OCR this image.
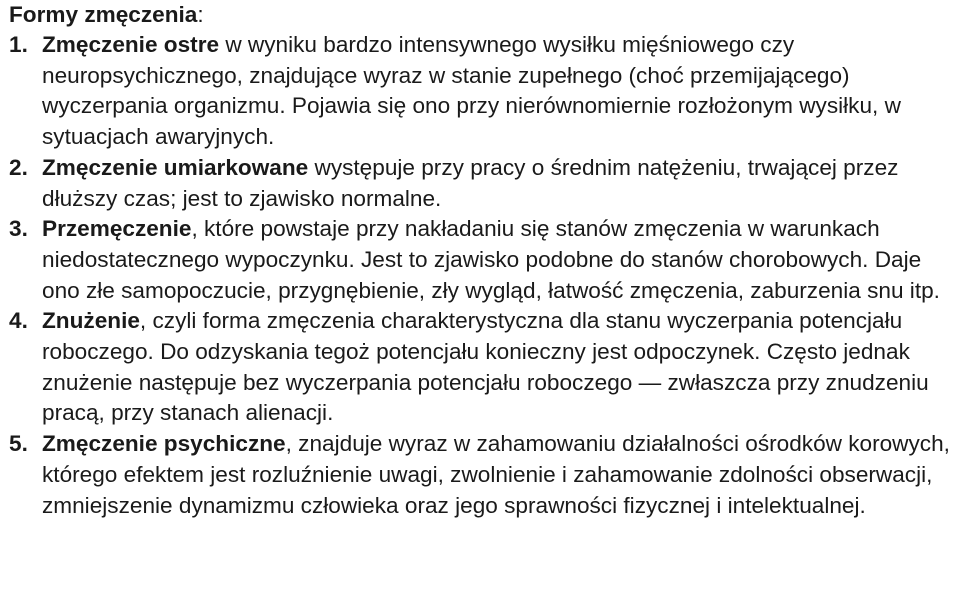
Formy zmęczenia:

1. Zmęczenie ostre w wyniku bardzo intensywnego wysiłku mięśniowego czy neuropsychicznego, znajdujące wyraz w stanie zupełnego (choć przemijającego) wyczerpania organizmu. Pojawia się ono przy nierównomiernie rozłożonym wysiłku, w sytuacjach awaryjnych.
2. Zmęczenie umiarkowane występuje przy pracy o średnim natężeniu, trwającej przez dłuższy czas; jest to zjawisko normalne.
3. Przemęczenie, które powstaje przy nakładaniu się stanów zmęczenia w warunkach niedostatecznego wypoczynku. Jest to zjawisko podobne do stanów chorobowych. Daje ono złe samopoczucie, przygnębienie, zły wygląd, łatwość zmęczenia, zaburzenia snu itp.
4. Znużenie, czyli forma zmęczenia charakterystyczna dla stanu wyczerpania potencjału roboczego. Do odzyskania tegoż potencjału konieczny jest odpoczynek. Często jednak znużenie następuje bez wyczerpania potencjału roboczego — zwłaszcza przy znudzeniu pracą, przy stanach alienacji.
5. Zmęczenie psychiczne, znajduje wyraz w zahamowaniu działalności ośrodków korowych, którego efektem jest rozluźnienie uwagi, zwolnienie i zahamowanie zdolności obserwacji, zmniejszenie dynamizmu człowieka oraz jego sprawności fizycznej i intelektualnej.
